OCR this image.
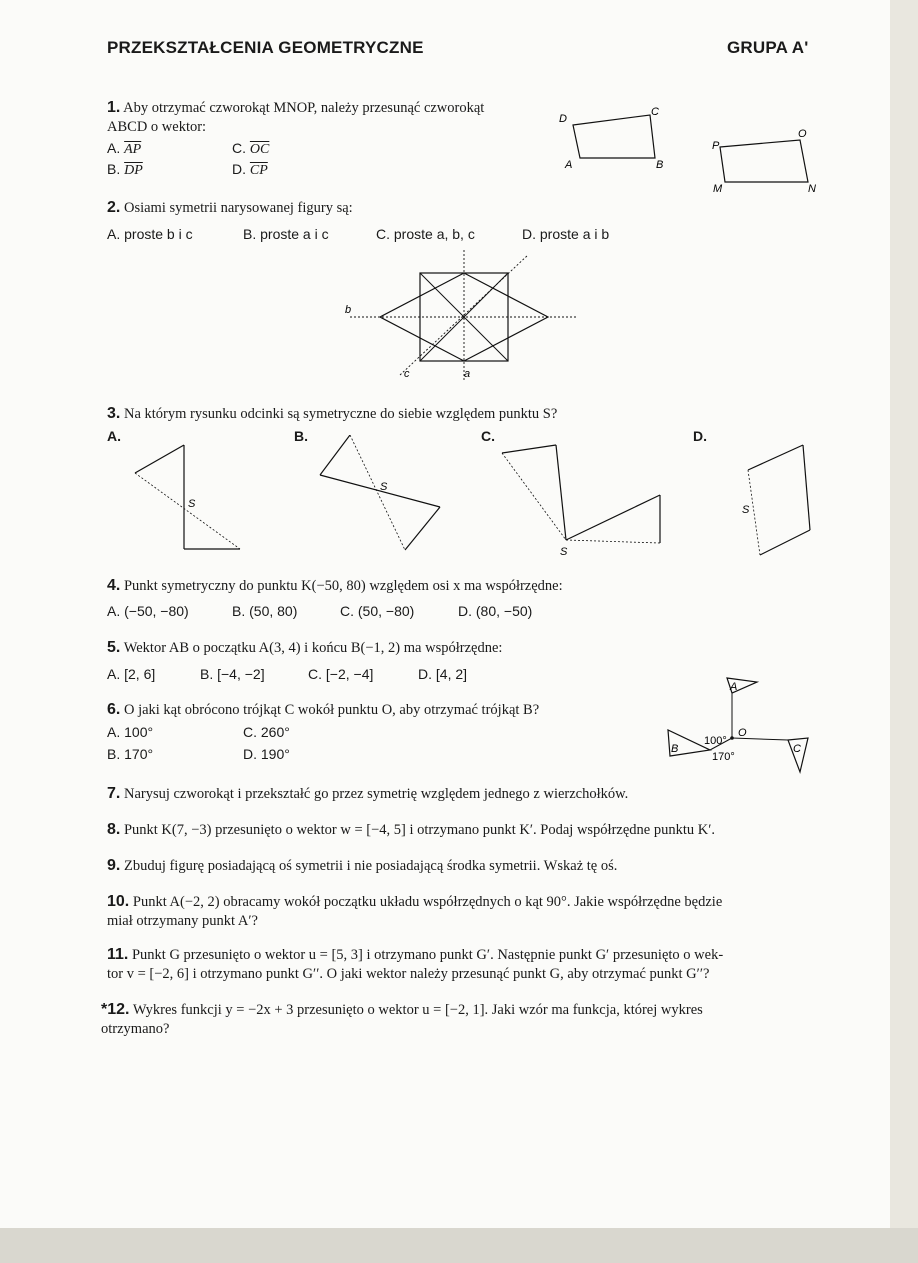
PRZEKSZTAŁCENIA GEOMETRYCZNE	GRUPA A'
1. Aby otrzymać czworokąt MNOP, należy przesunąć czworokąt ABCD o wektor:
A. $\overline{AP}$
B. $\overline{DP}$
C. $\overline{OC}$
D. $\overline{CP}$
D
C
A	B
P
O
M	N
2. Osiami symetrii narysowanej figury są:
A. proste b i c	B. proste a i c	C. proste a, b, c	D. proste a i b
b
c	a
3. Na którym rysunku odcinki są symetryczne do siebie względem punktu S?
A.	B.	C.	D.
S
S
S
S
4. Punkt symetryczny do punktu K(−50, 80) względem osi x ma współrzędne:
A. (−50, −80)	B. (50, 80)	C. (50, −80)	D. (80, −50)
5. Wektor AB o początku A(3, 4) i końcu B(−1, 2) ma współrzędne:
A. [2, 6]	B. [−4, −2]	C. [−2, −4]	D. [4, 2]
6. O jaki kąt obrócono trójkąt C wokół punktu O, aby otrzymać trójkąt B?
A. 100°
B. 170°
C. 260°
D. 190°
A
B	C
O
100°
170°
7. Narysuj czworokąt i przekształć go przez symetrię względem jednego z wierzchołków.
8. Punkt K(7, −3) przesunięto o wektor w = [−4, 5] i otrzymano punkt K′. Podaj współrzędne punktu K′.
9. Zbuduj figurę posiadającą oś symetrii i nie posiadającą środka symetrii. Wskaż tę oś.
10. Punkt A(−2, 2) obracamy wokół początku układu współrzędnych o kąt 90°. Jakie współrzędne będzie
miał otrzymany punkt A′?
11. Punkt G przesunięto o wektor u = [5, 3] i otrzymano punkt G′. Następnie punkt G′ przesunięto o wek-
tor v = [−2, 6] i otrzymano punkt G′′. O jaki wektor należy przesunąć punkt G, aby otrzymać punkt G′′?
*12. Wykres funkcji y = −2x + 3 przesunięto o wektor u = [−2, 1]. Jaki wzór ma funkcja, której wykres
otrzymano?
